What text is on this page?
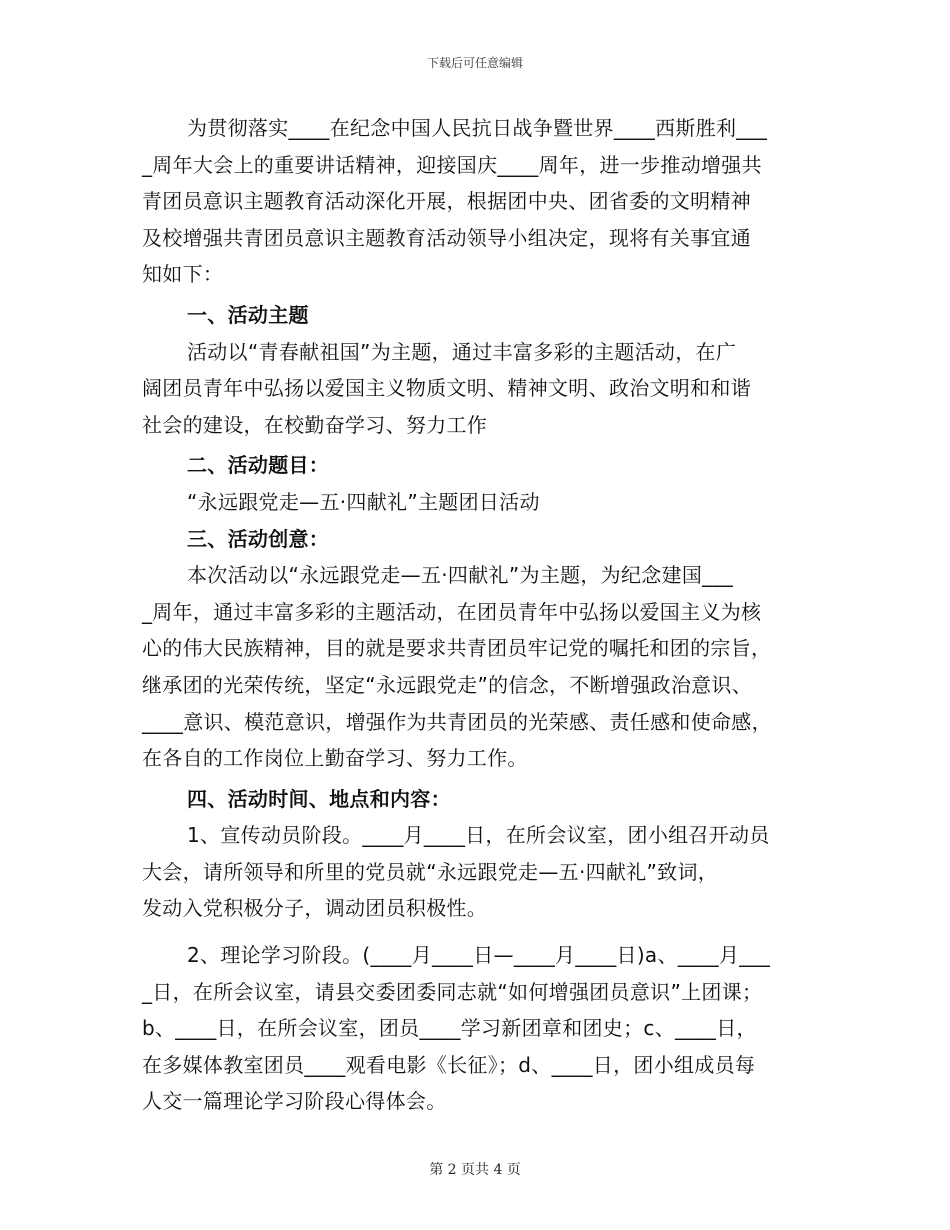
下载后可任意编辑
为贯彻落实____在纪念中国人民抗日战争暨世界____西斯胜利___
_周年大会上的重要讲话精神，迎接国庆____周年，进一步推动增强共
青团员意识主题教育活动深化开展，根据团中央、团省委的文明精神
及校增强共青团员意识主题教育活动领导小组决定，现将有关事宜通
知如下：
一、活动主题
活动以“青春献祖国”为主题，通过丰富多彩的主题活动，在广
阔团员青年中弘扬以爱国主义物质文明、精神文明、政治文明和和谐
社会的建设，在校勤奋学习、努力工作
二、活动题目：
“永远跟党走—五·四献礼”主题团日活动
三、活动创意：
本次活动以“永远跟党走—五·四献礼”为主题，为纪念建国___
_周年，通过丰富多彩的主题活动，在团员青年中弘扬以爱国主义为核
心的伟大民族精神，目的就是要求共青团员牢记党的嘱托和团的宗旨，
继承团的光荣传统，坚定“永远跟党走”的信念，不断增强政治意识、
____意识、模范意识，增强作为共青团员的光荣感、责任感和使命感，
在各自的工作岗位上勤奋学习、努力工作。
四、活动时间、地点和内容：
1、宣传动员阶段。____月____日，在所会议室，团小组召开动员
大会，请所领导和所里的党员就“永远跟党走—五·四献礼”致词，
发动入党积极分子，调动团员积极性。
2、理论学习阶段。(____月____日—____月____日)a、____月___
_日，在所会议室，请县交委团委同志就“如何增强团员意识”上团课；
b、____日，在所会议室，团员____学习新团章和团史；c、____日，
在多媒体教室团员____观看电影《长征》；d、____日，团小组成员每
人交一篇理论学习阶段心得体会。
第 2 页共 4 页
